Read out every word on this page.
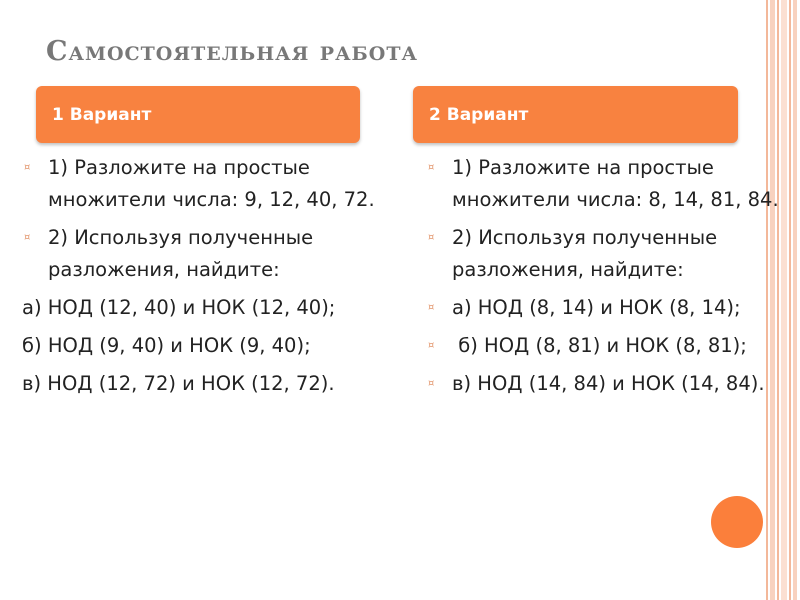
Самостоятельная работа
1 Вариант	2 Вариант
¤ 1) Разложите на простые множители числа: 9, 12, 40, 72.
¤ 2) Используя полученные разложения, найдите:
а) НОД (12, 40) и НОК (12, 40);
б) НОД (9, 40) и НОК (9, 40);
в) НОД (12, 72) и НОК (12, 72).
¤ 1) Разложите на простые множители числа: 8, 14, 81, 84.
¤ 2) Используя полученные разложения, найдите:
¤ а) НОД (8, 14) и НОК (8, 14);
¤ б) НОД (8, 81) и НОК (8, 81);
¤ в) НОД (14, 84) и НОК (14, 84).
